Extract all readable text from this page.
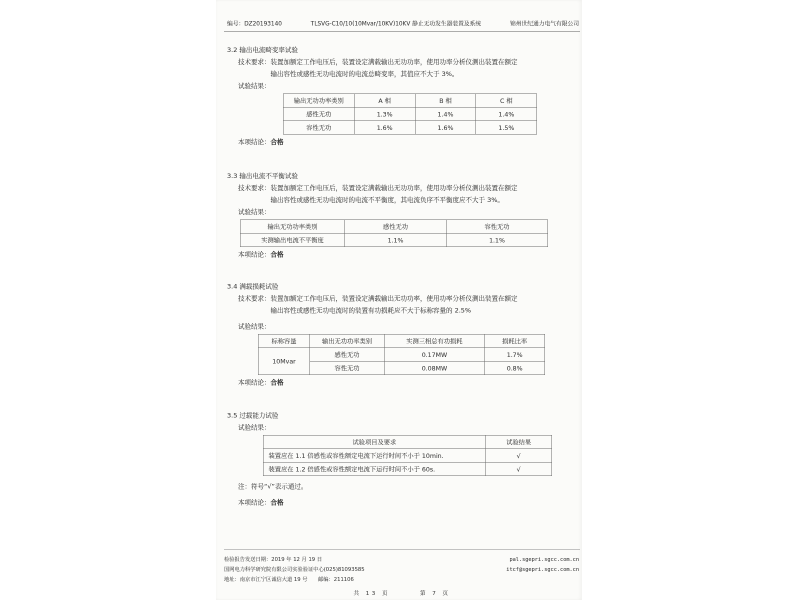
编号：DZ20193140	TLSVG-C10/10(10Mvar/10KV)10KV 静止无功发生器装置及系统	锦州世纪通力电气有限公司
3.2 输出电流畸变率试验
技术要求： 装置加额定工作电压后，装置设定满载输出无功功率，使用功率分析仪测出装置在额定
输出容性或感性无功电流时的电流总畸变率，其值应不大于 3%。
试验结果：
输出无功功率类别	A 相	B 相	C 相
感性无功	1.3%	1.4%	1.4%
容性无功	1.6%	1.6%	1.5%
本项结论：合格
3.3 输出电流不平衡试验
技术要求： 装置加额定工作电压后，装置设定满载输出无功功率，使用功率分析仪测出装置在额定
输出容性或感性无功电流时的电流不平衡度，其电流负序不平衡度应不大于 3%。
试验结果：
输出无功功率类别	感性无功	容性无功
实测输出电流不平衡度	1.1%	1.1%
本项结论：合格
3.4 满载损耗试验
技术要求： 装置加额定工作电压后，装置设定满载输出无功功率，使用功率分析仪测出装置在额定
输出容性或感性无功电流时的装置有功损耗应不大于标称容量的 2.5%
试验结果：
标称容量	输出无功功率类别	实测三相总有功损耗	损耗比率
10Mvar	感性无功	0.17MW	1.7%
	容性无功	0.08MW	0.8%
本项结论：合格
3.5 过载能力试验
试验结果：
试验项目及要求	试验结果
装置应在 1.1 倍感性或容性额定电流下运行时间不小于 10min.	√
装置应在 1.2 倍感性或容性额定电流下运行时间不小于 60s.	√
注：符号“√”表示通过。
本项结论：合格
检验报告发送日期：2019 年 12 月 19 日
国网电力科学研究院有限公司实验验证中心(025)81093585
地址：南京市江宁区诚信大道 19 号　　邮编：211106
pal.sgepri.sgcc.com.cn
itcf@sgepri.sgcc.com.cn
共 13 页	第 7 页
